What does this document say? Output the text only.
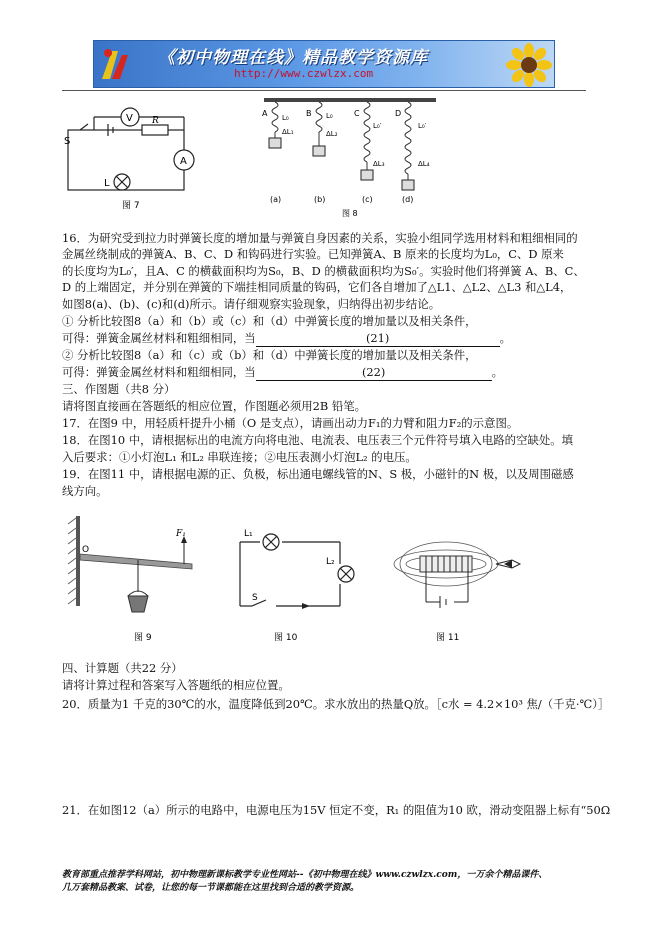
《初中物理在线》精品教学资源库
http://www.czwlzx.com
V
S
R
A
L
图 7
A	B	C	D
L₀
ΔL₁
L₀
ΔL₂
L₀′
ΔL₃
L₀′
ΔL₄
(a)	(b)	(c)	(d)
图 8
16．为研究受到拉力时弹簧长度的增加量与弹簧自身因素的关系，实验小组同学选用材料和粗细相同的
金属丝绕制成的弹簧A、B、C、D 和钩码进行实验。已知弹簧A、B 原来的长度均为L₀，C、D 原来
的长度均为L₀′，且A、C 的横截面积均为S₀，B、D 的横截面积均为S₀′。实验时他们将弹簧 A、B、C、
D 的上端固定，并分别在弹簧的下端挂相同质量的钩码，它们各自增加了△L1、△L2、△L3 和△L4，
如图8(a)、(b)、(c)和(d)所示。请仔细观察实验现象，归纳得出初步结论。
① 分析比较图8（a）和（b）或（c）和（d）中弹簧长度的增加量以及相关条件，
可得：弹簧金属丝材料和粗细相同，当	(21)	。
② 分析比较图8（a）和（c）或（b）和（d）中弹簧长度的增加量以及相关条件，
可得：弹簧金属丝材料和粗细相同，当	(22)	。
三、作图题（共8 分）
请将图直接画在答题纸的相应位置，作图题必须用2B 铅笔。
17．在图9 中，用轻质杆提升小桶（O 是支点），请画出动力F₁的力臂和阻力F₂的示意图。
18．在图10 中，请根据标出的电流方向将电池、电流表、电压表三个元件符号填入电路的空缺处。填
入后要求：①小灯泡L₁ 和L₂ 串联连接；②电压表测小灯泡L₂ 的电压。
19．在图11 中，请根据电源的正、负极，标出通电螺线管的N、S 极，小磁针的N 极，以及周围磁感
线方向。
O
F₁
图 9
L₁
L₂
S
图 10	图 11
四、计算题（共22 分）
请将计算过程和答案写入答题纸的相应位置。
20．质量为1 千克的30℃的水，温度降低到20℃。求水放出的热量Q放。［c水 = 4.2×10³ 焦/（千克·℃）］
21．在如图12（a）所示的电路中，电源电压为15V 恒定不变，R₁ 的阻值为10 欧，滑动变阻器上标有“50Ω
教育部重点推荐学科网站，初中物理新课标教学专业性网站--《初中物理在线》www.czwlzx.com，一万余个精品课件、
几万套精品教案、试卷，让您的每一节课都能在这里找到合适的教学资源。
